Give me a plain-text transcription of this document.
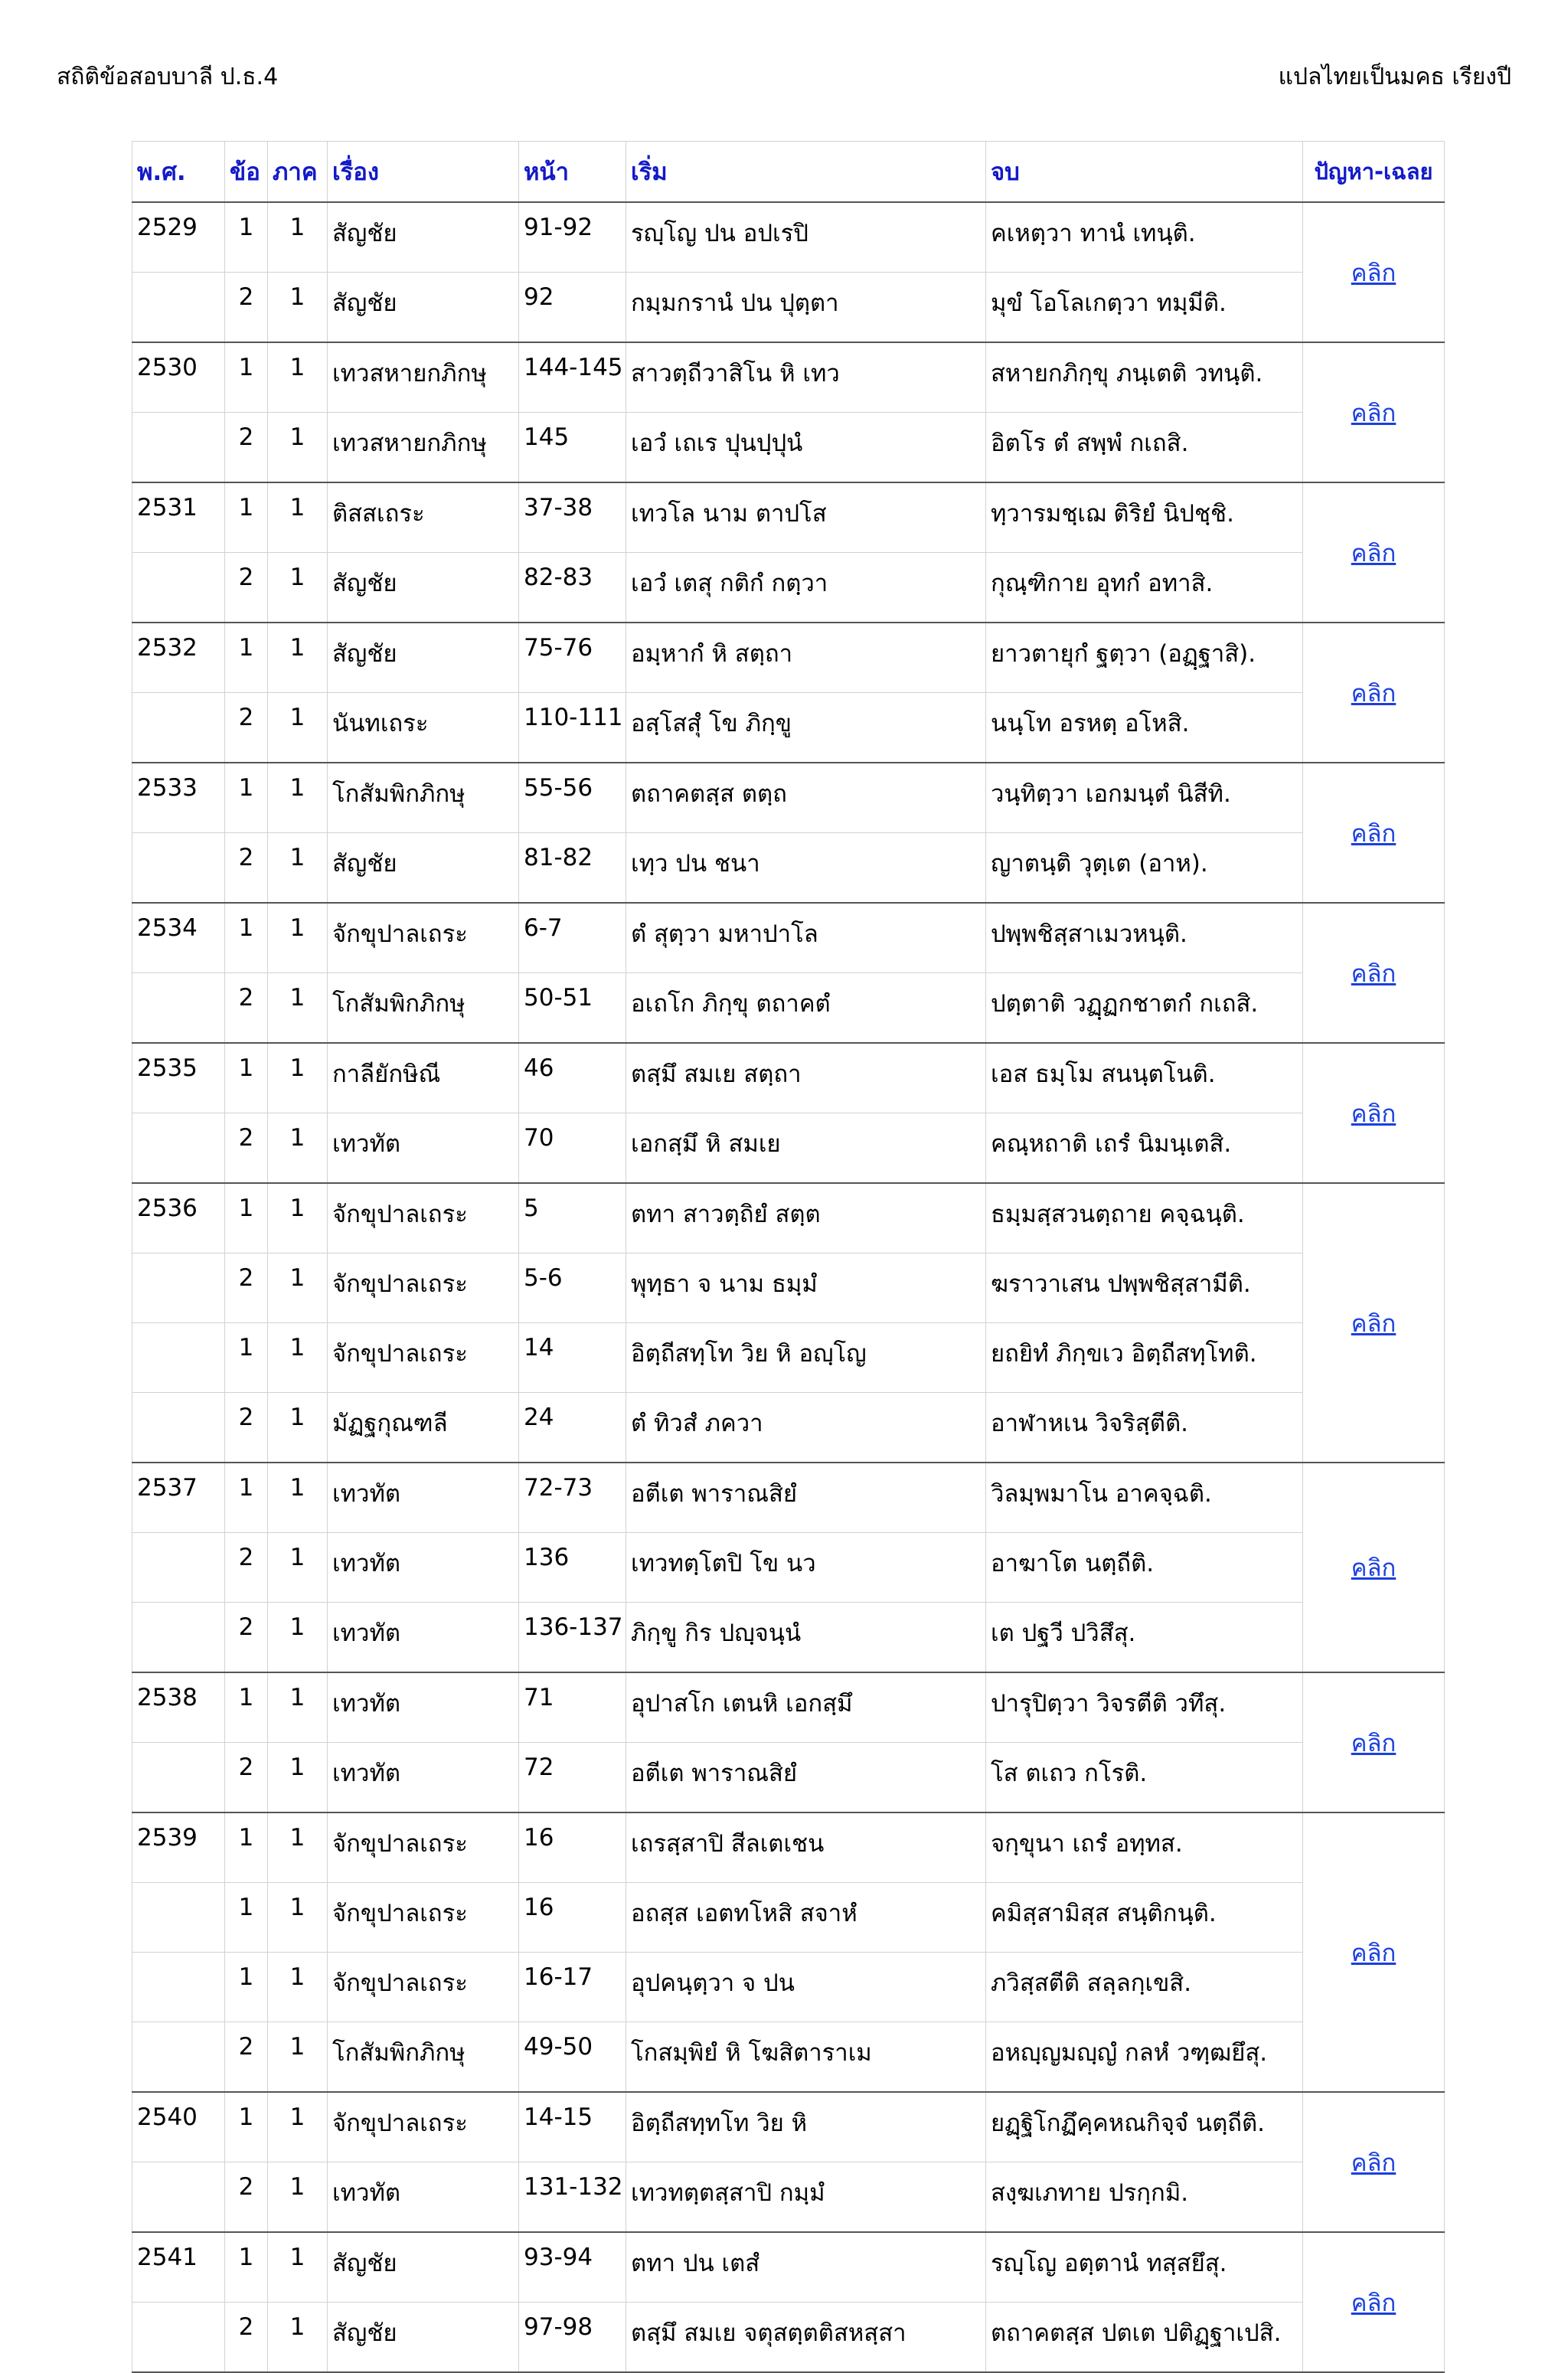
สถิติข้อสอบบาลี ป.ธ.4	แปลไทยเป็นมคธ เรียงปี
พ.ศ.	ข้อ	ภาค	เรื่อง	หน้า	เริ่ม	จบ	ปัญหา-เฉลย
2529	1	1	สัญชัย	91-92	รญฺโญ ปน อปเรปิ	คเหตฺวา ทานํ เทนฺติ.	คลิก
	2	1	สัญชัย	92	กมฺมกรานํ ปน ปุตฺตา	มุขํ โอโลเกตฺวา ทมฺมีติ.	
2530	1	1	เทวสหายกภิกษุ	144-145	สาวตฺถีวาสิโน หิ เทว	สหายกภิกฺขุ ภนฺเตติ วทนฺติ.	คลิก
	2	1	เทวสหายกภิกษุ	145	เอวํ เถเร ปุนปฺปุนํ	อิตโร ตํ สพฺพํ กเถสิ.	
2531	1	1	ติสสเถระ	37-38	เทวโล นาม ตาปโส	ทฺวารมชฺเฌ ติริยํ นิปชฺชิ.	คลิก
	2	1	สัญชัย	82-83	เอวํ เตสุ กติกํ กตฺวา	กุณฺฑิกาย อุทกํ อทาสิ.	
2532	1	1	สัญชัย	75-76	อมฺหากํ หิ สตฺถา	ยาวตายุกํ ฐตฺวา (อฏฺฐาสิ).	คลิก
	2	1	นันทเถระ	110-111	อสฺโสสุํ โข ภิกฺขู	นนฺโท อรหตฺ อโหสิ.	
2533	1	1	โกสัมพิกภิกษุ	55-56	ตถาคตสฺส ตตฺถ	วนฺทิตฺวา เอกมนฺตํ นิสีทิ.	คลิก
	2	1	สัญชัย	81-82	เทฺว ปน ชนา	ญาตนฺติ วุตฺเต (อาห).	
2534	1	1	จักขุปาลเถระ	6-7	ตํ สุตฺวา มหาปาโล	ปพฺพชิสฺสาเมวหนฺติ.	คลิก
	2	1	โกสัมพิกภิกษุ	50-51	อเถโก ภิกฺขุ ตถาคตํ	ปตฺตาติ วฏฺฏกชาตกํ กเถสิ.	
2535	1	1	กาลียักษิณี	46	ตสฺมึ สมเย สตฺถา	เอส ธมฺโม สนนฺตโนติ.	คลิก
	2	1	เทวทัต	70	เอกสฺมึ หิ สมเย	คณฺหถาติ เถรํ นิมนฺเตสิ.	
2536	1	1	จักขุปาลเถระ	5	ตทา สาวตฺถิยํ สตฺต	ธมฺมสฺสวนตฺถาย คจฺฉนฺติ.	คลิก
	2	1	จักขุปาลเถระ	5-6	พุทฺธา จ นาม ธมฺมํ	ฆราวาเสน ปพฺพชิสฺสามีติ.	
	1	1	จักขุปาลเถระ	14	อิตฺถีสทฺโท วิย หิ อญฺโญ	ยถยิทํ ภิกฺขเว อิตฺถีสทฺโทติ.	
	2	1	มัฏฐกุณฑลี	24	ตํ ทิวสํ ภควา	อาฬาหเน วิจริสฺตีติ.	
2537	1	1	เทวทัต	72-73	อตีเต พาราณสิยํ	วิลมฺพมาโน อาคจฺฉติ.	คลิก
	2	1	เทวทัต	136	เทวทตฺโตปิ โข นว	อาฆาโต นตฺถีติ.	
	2	1	เทวทัต	136-137	ภิกฺขู กิร ปญฺจนฺนํ	เต ปฐวี ปวิสึสุ.	
2538	1	1	เทวทัต	71	อุปาสโก เตนหิ เอกสฺมึ	ปารุปิตฺวา วิจรตีติ วทึสุ.	คลิก
	2	1	เทวทัต	72	อตีเต พาราณสิยํ	โส ตเถว กโรติ.	
2539	1	1	จักขุปาลเถระ	16	เถรสฺสาปิ สีลเตเชน	จกฺขุนา เถรํ อทฺทส.	คลิก
	1	1	จักขุปาลเถระ	16	อถสฺส เอตทโหสิ สจาหํ	คมิสฺสามิสฺส สนฺติกนฺติ.	
	1	1	จักขุปาลเถระ	16-17	อุปคนฺตฺวา จ ปน	ภวิสฺสตีติ สลฺลกฺเขสิ.	
	2	1	โกสัมพิกภิกษุ	49-50	โกสมฺพิยํ หิ โฆสิตาราเม	อหญฺญมญฺญํ กลหํ วฑฺฒยึสุ.	
2540	1	1	จักขุปาลเถระ	14-15	อิตฺถีสทฺทโท วิย หิ	ยฏฺฐิโกฏึคฺคหณกิจฺจํ นตฺถีติ.	คลิก
	2	1	เทวทัต	131-132	เทวทตฺตสฺสาปิ กมฺมํ	สงฺฆเภทาย ปรกฺกมิ.	
2541	1	1	สัญชัย	93-94	ตทา ปน เตสํ	รญฺโญ อตฺตานํ ทสฺสยึสุ.	คลิก
	2	1	สัญชัย	97-98	ตสฺมึ สมเย จตุสตฺตติสหสฺสา	ตถาคตสฺส ปตเต ปติฏฺฐาเปสิ.	
